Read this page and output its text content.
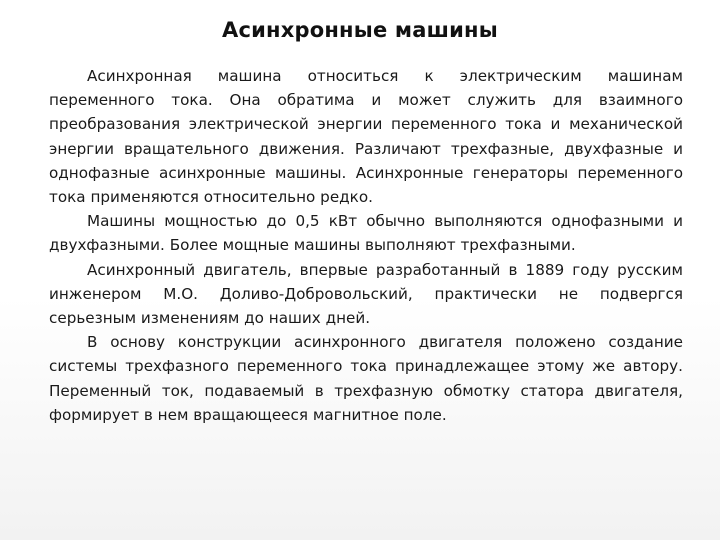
Асинхронные машины

Асинхронная машина относиться к электрическим машинам переменного тока. Она обратима и может служить для взаимного преобразования электрической энергии переменного тока и механической энергии вращательного движения. Различают трехфазные, двухфазные и однофазные асинхронные машины. Асинхронные генераторы переменного тока применяются относительно редко.

Машины мощностью до 0,5 кВт обычно выполняются однофазными и двухфазными. Более мощные машины выполняют трехфазными.

Асинхронный двигатель, впервые разработанный в 1889 году русским инженером М.О. Доливо-Добровольский, практически не подвергся серьезным изменениям до наших дней.

В основу конструкции асинхронного двигателя положено создание системы трехфазного переменного тока принадлежащее этому же автору. Переменный ток, подаваемый в трехфазную обмотку статора двигателя, формирует в нем вращающееся магнитное поле.
